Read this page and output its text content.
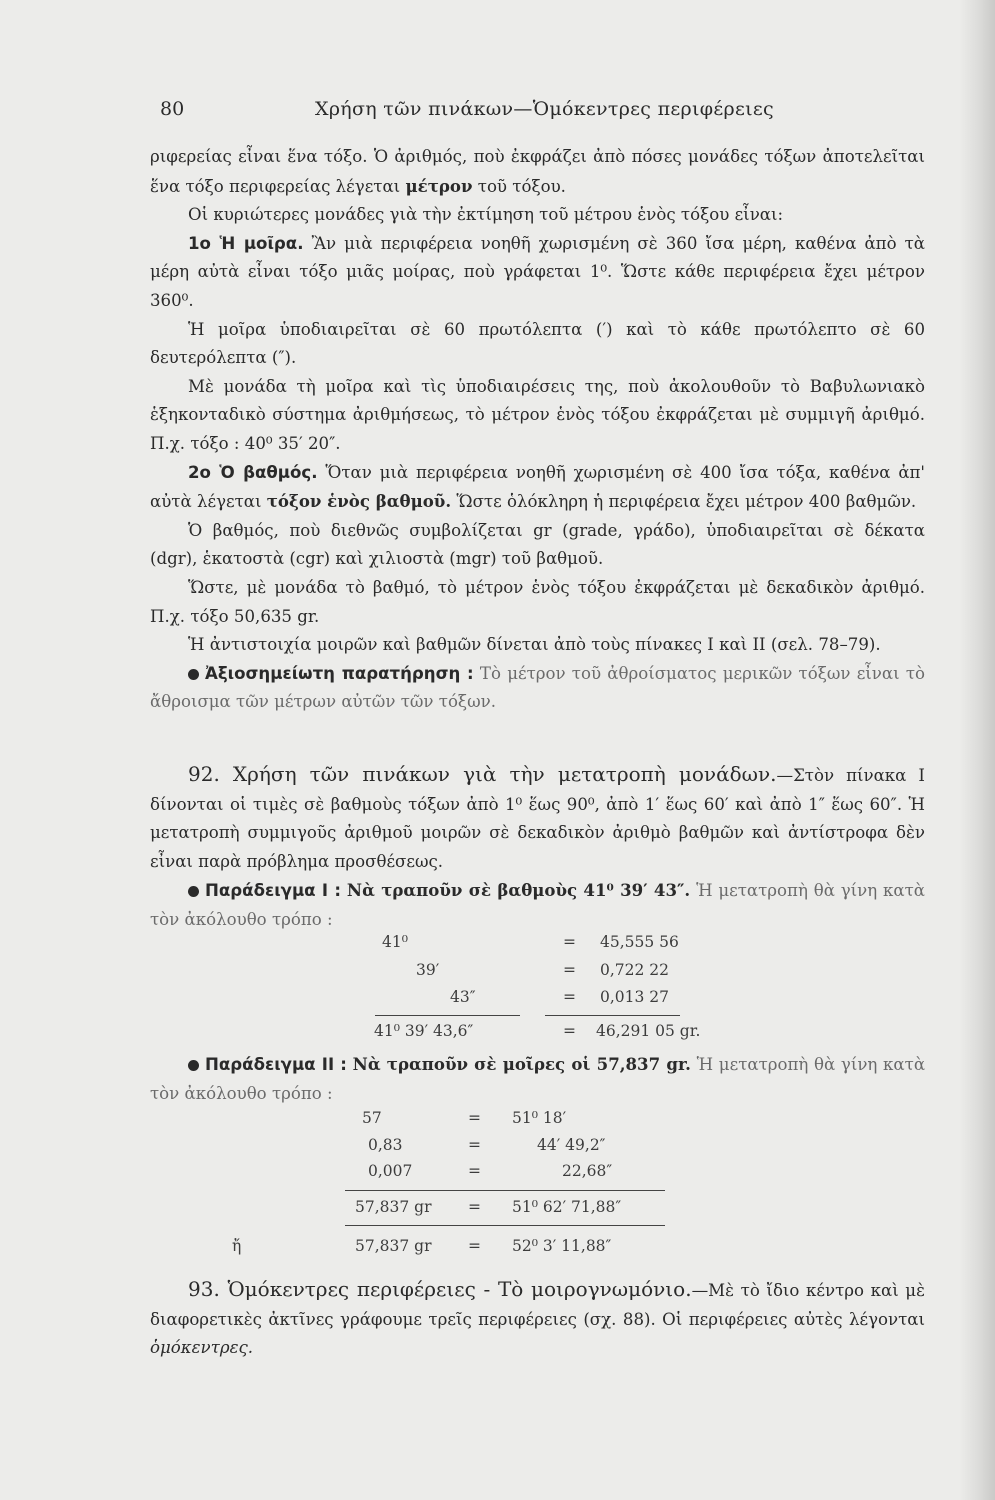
80	Χρήση τῶν πινάκων—Ὁμόκεντρες περιφέρειες

ριφερείας εἶναι ἕνα τόξο. Ὁ ἀριθμός, ποὺ ἐκφράζει ἀπὸ πόσες μονάδες τόξων ἀποτελεῖται ἕνα τόξο περιφερείας λέγεται μέτρον τοῦ τόξου.

Οἱ κυριώτερες μονάδες γιὰ τὴν ἐκτίμηση τοῦ μέτρου ἑνὸς τόξου εἶναι:

1ο Ἡ μοῖρα. Ἂν μιὰ περιφέρεια νοηθῆ χωρισμένη σὲ 360 ἴσα μέρη, καθένα ἀπὸ τὰ μέρη αὐτὰ εἶναι τόξο μιᾶς μοίρας, ποὺ γράφεται 1⁰. Ὥστε κάθε περιφέρεια ἔχει μέτρον 360⁰.

Ἡ μοῖρα ὑποδιαιρεῖται σὲ 60 πρωτόλεπτα (′) καὶ τὸ κάθε πρωτόλεπτο σὲ 60 δευτερόλεπτα (″).

Μὲ μονάδα τὴ μοῖρα καὶ τὶς ὑποδιαιρέσεις της, ποὺ ἀκολουθοῦν τὸ Βαβυλωνιακὸ ἑξηκονταδικὸ σύστημα ἀριθμήσεως, τὸ μέτρον ἑνὸς τόξου ἐκφράζεται μὲ συμμιγῆ ἀριθμό. Π.χ. τόξο : 40⁰ 35′ 20″.

2ο Ὁ βαθμός. Ὅταν μιὰ περιφέρεια νοηθῆ χωρισμένη σὲ 400 ἴσα τόξα, καθένα ἀπ' αὐτὰ λέγεται τόξον ἑνὸς βαθμοῦ. Ὥστε ὁλόκληρη ἡ περιφέρεια ἔχει μέτρον 400 βαθμῶν.

Ὁ βαθμός, ποὺ διεθνῶς συμβολίζεται gr (grade, γράδο), ὑποδιαιρεῖται σὲ δέκατα (dgr), ἑκατοστὰ (cgr) καὶ χιλιοστὰ (mgr) τοῦ βαθμοῦ.

Ὥστε, μὲ μονάδα τὸ βαθμό, τὸ μέτρον ἑνὸς τόξου ἐκφράζεται μὲ δεκαδικὸν ἀριθμό. Π.χ. τόξο 50,635 gr.

Ἡ ἀντιστοιχία μοιρῶν καὶ βαθμῶν δίνεται ἀπὸ τοὺς πίνακες Ι καὶ ΙΙ (σελ. 78–79).

Ἀξιοσημείωτη παρατήρηση : Τὸ μέτρον τοῦ ἀθροίσματος μερικῶν τόξων εἶναι τὸ ἄθροισμα τῶν μέτρων αὐτῶν τῶν τόξων.

92. Χρήση τῶν πινάκων γιὰ τὴν μετατροπὴ μονάδων.—Στὸν πίνακα Ι δίνονται οἱ τιμὲς σὲ βαθμοὺς τόξων ἀπὸ 1⁰ ἕως 90⁰, ἀπὸ 1′ ἕως 60′ καὶ ἀπὸ 1″ ἕως 60″. Ἡ μετατροπὴ συμμιγοῦς ἀριθμοῦ μοιρῶν σὲ δεκαδικὸν ἀριθμὸ βαθμῶν καὶ ἀντίστροφα δὲν εἶναι παρὰ πρόβλημα προσθέσεως.

Παράδειγμα Ι : Νὰ τραποῦν σὲ βαθμοὺς 41⁰ 39′ 43″. Ἡ μετατροπὴ θὰ γίνη κατὰ τὸν ἀκόλουθο τρόπο :

41⁰	= 45,555 56
39′	= 0,722 22
43″	= 0,013 27
41⁰ 39′ 43,6″	= 46,291 05 gr.

Παράδειγμα ΙΙ : Νὰ τραποῦν σὲ μοῖρες οἱ 57,837 gr. Ἡ μετατροπὴ θὰ γίνη κατὰ τὸν ἀκόλουθο τρόπο :

57	= 51⁰ 18′
0,83	=	44′ 49,2″
0,007	=	22,68″
57,837 gr = 51⁰ 62′ 71,88″
ἤ	57,837 gr = 52⁰ 3′ 11,88″

93. Ὁμόκεντρες περιφέρειες - Τὸ μοιρογνωμόνιο.—Μὲ τὸ ἴδιο κέντρο καὶ μὲ διαφορετικὲς ἀκτῖνες γράφουμε τρεῖς περιφέρειες (σχ. 88). Οἱ περιφέρειες αὐτὲς λέγονται ὁμόκεντρες.
